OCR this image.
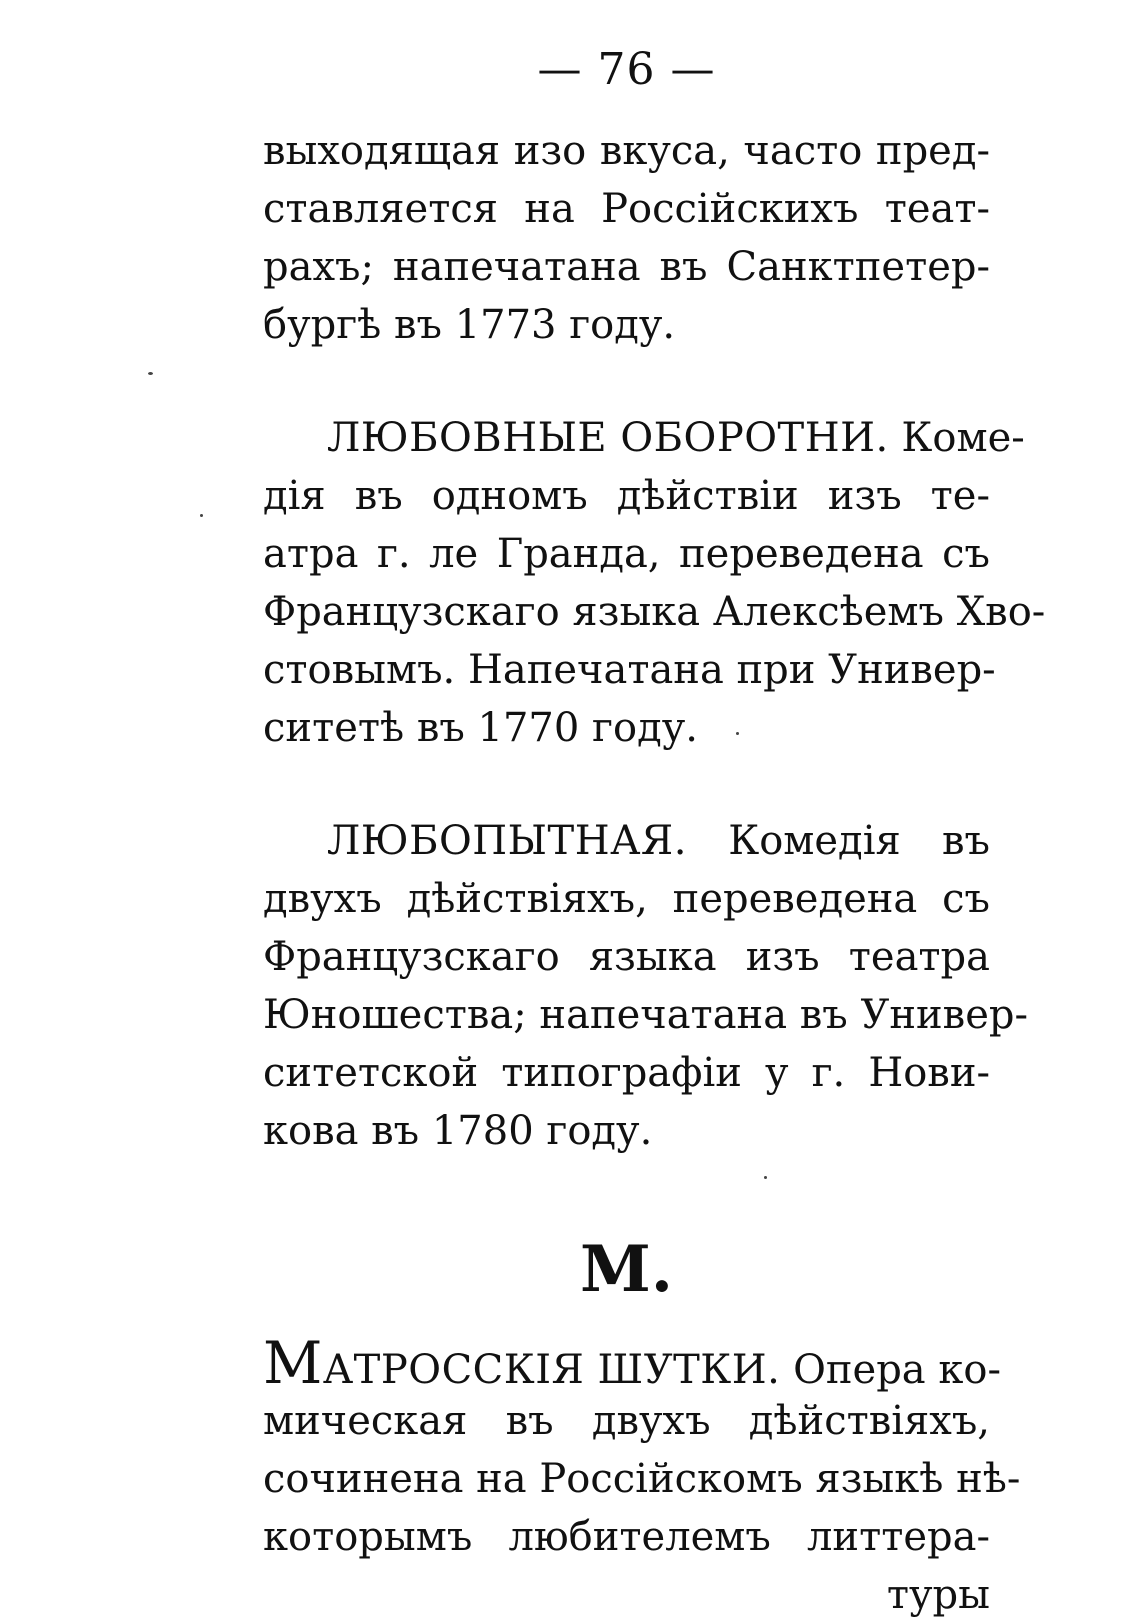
— 76 —
выходящая изо вкуса, часто пред-
ставляется на Россiйскихъ теат-
рахъ; напечатана въ Санктпетер-
бургѣ въ 1773 году.
ЛЮБОВНЫЕ ОБОРОТНИ. Коме-
дiя въ одномъ дѣйствiи изъ те-
атра г. ле Гранда, переведена съ
Французскаго языка Алексѣемъ Хво-
стовымъ. Напечатана при Универ-
ситетѣ въ 1770 году.
ЛЮБОПЫТНАЯ. Комедiя въ
двухъ дѣйствiяхъ, переведена съ
Французскаго языка изъ театра
Юношества; напечатана въ Универ-
ситетской типографiи у г. Нови-
кова въ 1780 году.
М.
МАТРОССКIЯ ШУТКИ. Опера ко-
мическая въ двухъ дѣйствiяхъ,
сочинена на Россiйскомъ языкѣ нѣ-
которымъ любителемъ литтера-
туры
